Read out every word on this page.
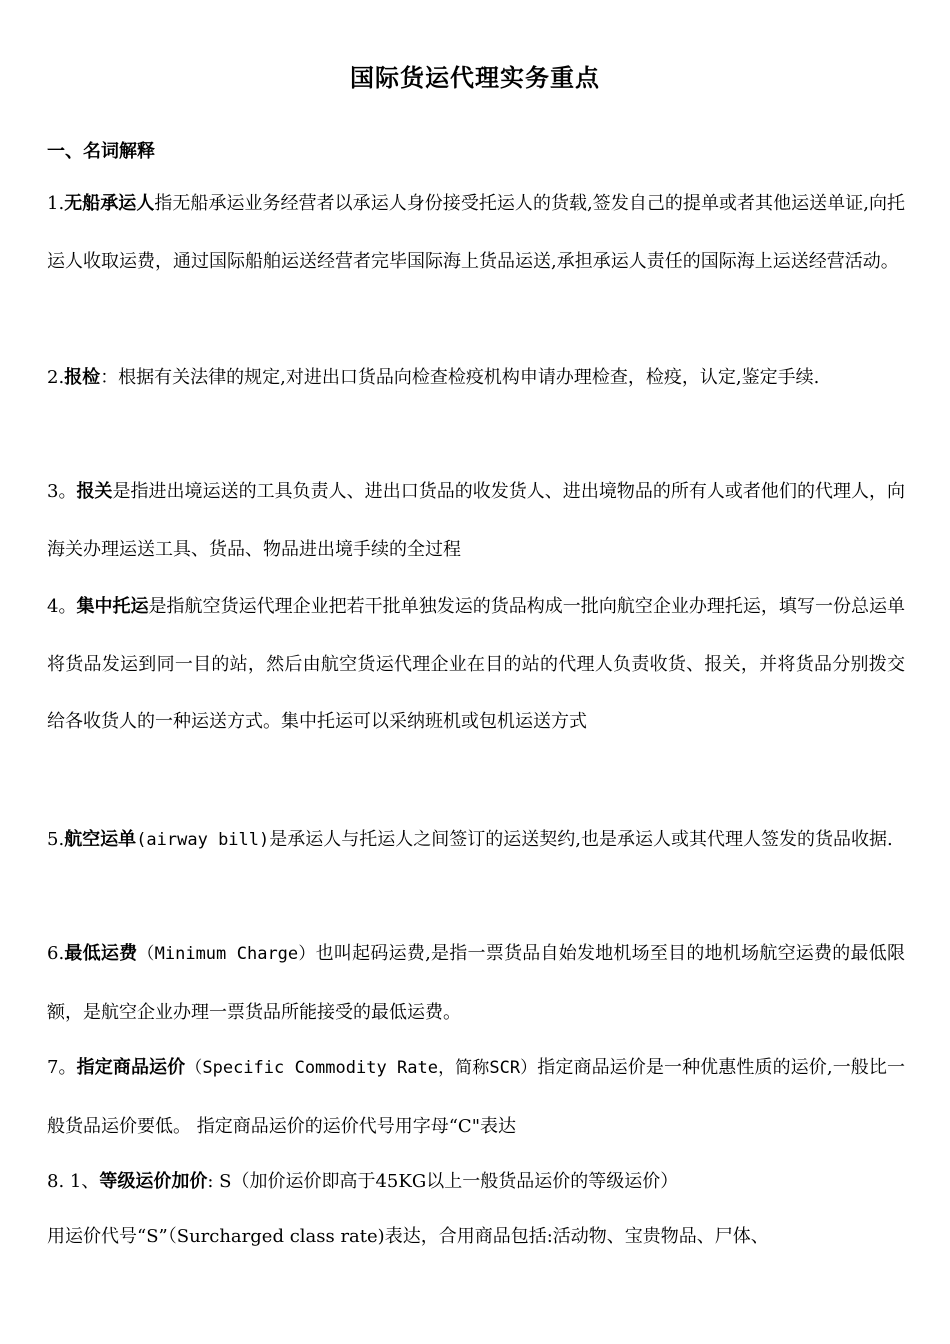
国际货运代理实务重点
一、名词解释

1.无船承运人指无船承运业务经营者以承运人身份接受托运人的货载,签发自己的提单或者其他运送单证,向托运人收取运费，通过国际船舶运送经营者完毕国际海上货品运送,承担承运人责任的国际海上运送经营活动。

2.报检：根据有关法律的规定,对进出口货品向检查检疫机构申请办理检查，检疫，认定,鉴定手续.

3。报关是指进出境运送的工具负责人、进出口货品的收发货人、进出境物品的所有人或者他们的代理人，向海关办理运送工具、货品、物品进出境手续的全过程

4。集中托运是指航空货运代理企业把若干批单独发运的货品构成一批向航空企业办理托运，填写一份总运单将货品发运到同一目的站，然后由航空货运代理企业在目的站的代理人负责收货、报关，并将货品分别拨交给各收货人的一种运送方式。集中托运可以采纳班机或包机运送方式

5.航空运单(airway bill)是承运人与托运人之间签订的运送契约,也是承运人或其代理人签发的货品收据.

6.最低运费（Minimum Charge）也叫起码运费,是指一票货品自始发地机场至目的地机场航空运费的最低限额，是航空企业办理一票货品所能接受的最低运费。

7。指定商品运价（Specific Commodity Rate，简称SCR）指定商品运价是一种优惠性质的运价,一般比一般货品运价要低。 指定商品运价的运价代号用字母“C"表达

8. 1、等级运价加价: S（加价运价即高于45KG以上一般货品运价的等级运价）

用运价代号“S”（Surcharged class rate)表达，合用商品包括:活动物、宝贵物品、尸体、
